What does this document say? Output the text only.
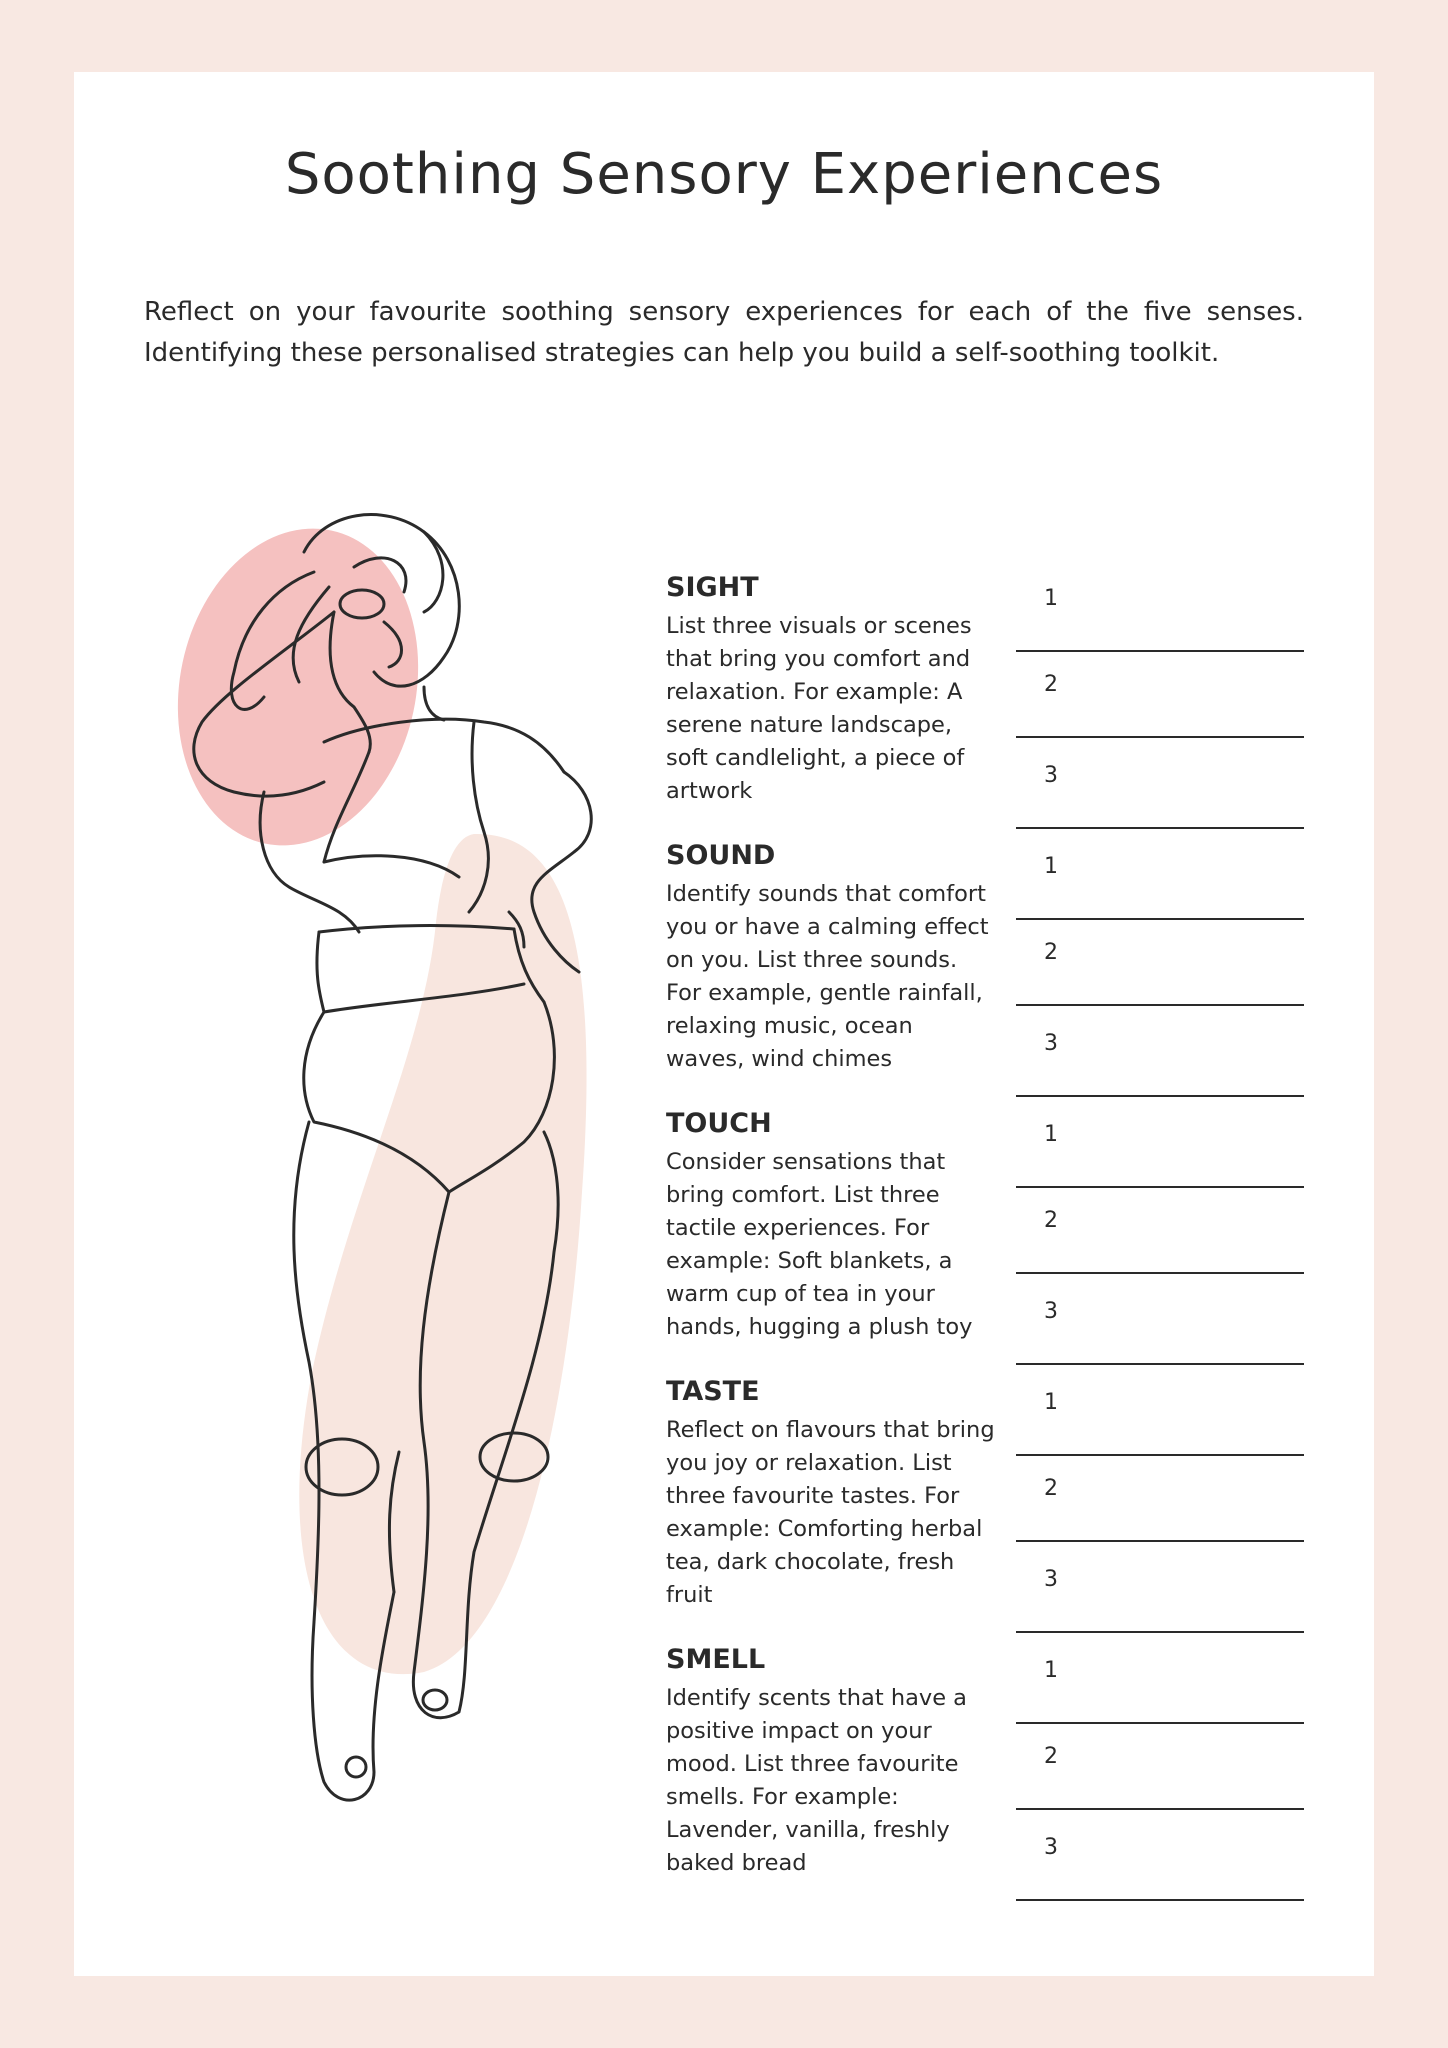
Soothing Sensory Experiences

Reflect on your favourite soothing sensory experiences for each of the five senses. Identifying these personalised strategies can help you build a self-soothing toolkit.

SIGHT

List three visuals or scenes that bring you comfort and relaxation. For example: A serene nature landscape, soft candlelight, a piece of artwork

1
2
3
SOUND

Identify sounds that comfort you or have a calming effect on you. List three sounds. For example, gentle rainfall, relaxing music, ocean waves, wind chimes

1
2
3
TOUCH

Consider sensations that bring comfort. List three tactile experiences. For example: Soft blankets, a warm cup of tea in your hands, hugging a plush toy

1
2
3
TASTE

Reflect on flavours that bring you joy or relaxation. List three favourite tastes. For example: Comforting herbal tea, dark chocolate, fresh fruit

1
2
3
SMELL

Identify scents that have a positive impact on your mood. List three favourite smells. For example: Lavender, vanilla, freshly baked bread

1
2
3
